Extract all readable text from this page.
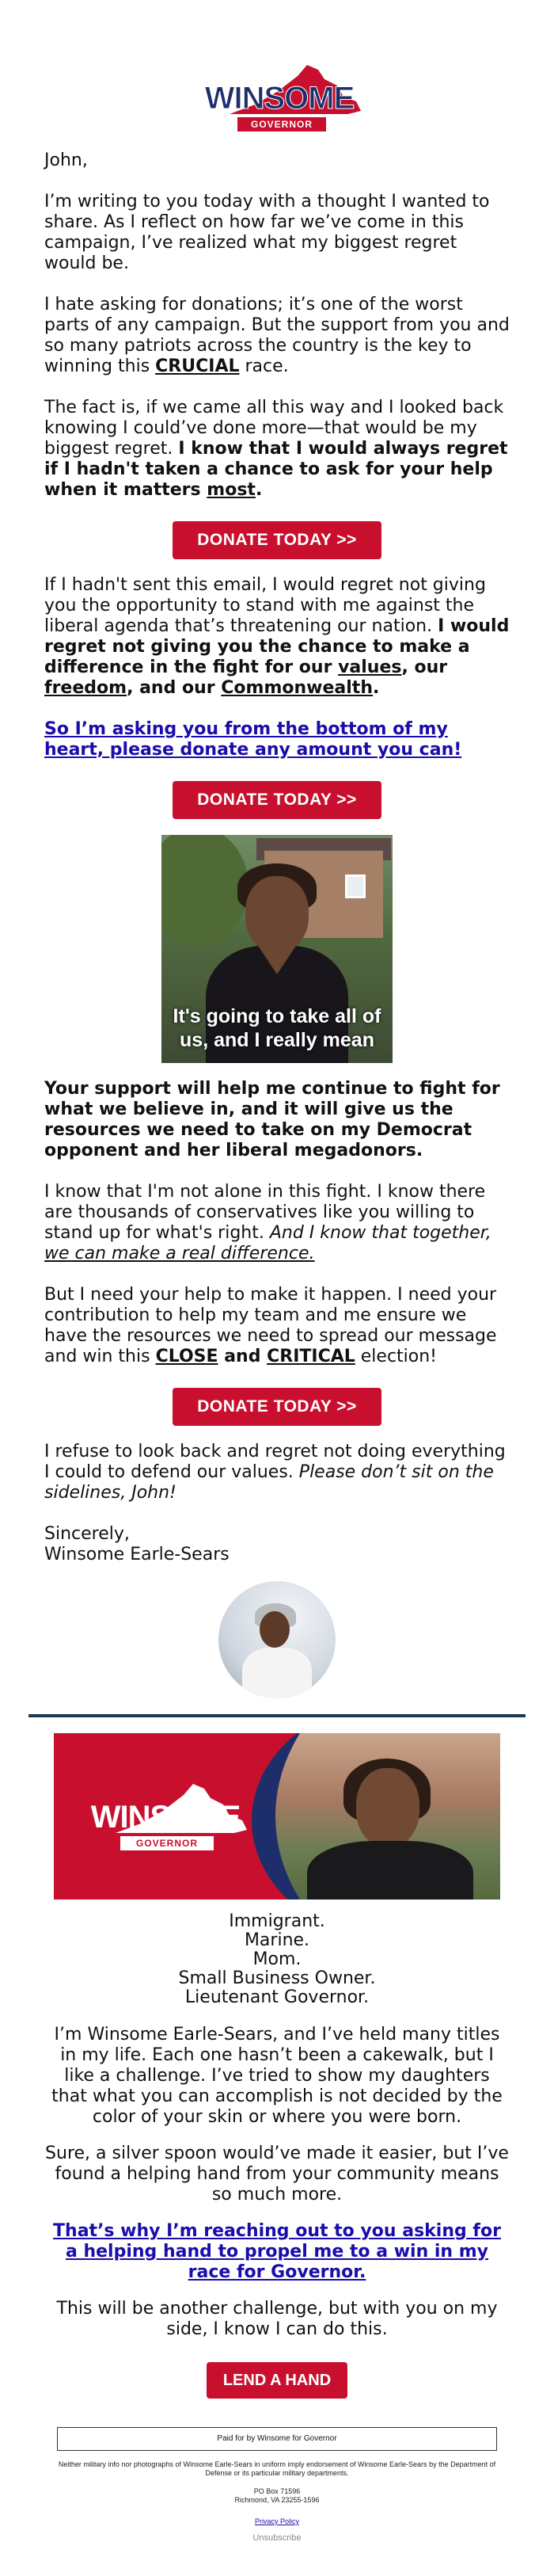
WINSOME
GOVERNOR

John,

I’m writing to you today with a thought I wanted to share. As I reflect on how far we’ve come in this campaign, I’ve realized what my biggest regret would be.

I hate asking for donations; it’s one of the worst parts of any campaign. But the support from you and so many patriots across the country is the key to winning this CRUCIAL race.

The fact is, if we came all this way and I looked back knowing I could’ve done more—that would be my biggest regret. I know that I would always regret if I hadn't taken a chance to ask for your help when it matters most.

DONATE TODAY >>

If I hadn't sent this email, I would regret not giving you the opportunity to stand with me against the liberal agenda that’s threatening our nation. I would regret not giving you the chance to make a difference in the fight for our values, our freedom, and our Commonwealth.

So I’m asking you from the bottom of my heart, please donate any amount you can!

DONATE TODAY >>
It's going to take all of
us, and I really mean

Your support will help me continue to fight for what we believe in, and it will give us the resources we need to take on my Democrat opponent and her liberal megadonors.

I know that I'm not alone in this fight. I know there are thousands of conservatives like you willing to stand up for what's right. And I know that together, we can make a real difference.

But I need your help to make it happen. I need your contribution to help my team and me ensure we have the resources we need to spread our message and win this CLOSE and CRITICAL election!

DONATE TODAY >>

I refuse to look back and regret not doing everything I could to defend our values. Please don’t sit on the sidelines, John!

Sincerely,
Winsome Earle-Sears

WINSOME
GOVERNOR
Immigrant.
Marine.
Mom.
Small Business Owner.
Lieutenant Governor.

I’m Winsome Earle-Sears, and I’ve held many titles in my life. Each one hasn’t been a cakewalk, but I like a challenge. I’ve tried to show my daughters that what you can accomplish is not decided by the color of your skin or where you were born.

Sure, a silver spoon would’ve made it easier, but I’ve found a helping hand from your community means so much more.

That’s why I’m reaching out to you asking for a helping hand to propel me to a win in my race for Governor.

This will be another challenge, but with you on my side, I know I can do this.

LEND A HAND
Paid for by Winsome for Governor
Neither military info nor photographs of Winsome Earle-Sears in uniform imply endorsement of Winsome Earle-Sears by the Department of Defense or its particular military departments.
PO Box 71596
Richmond, VA 23255-1596
Privacy Policy
Unsubscribe
